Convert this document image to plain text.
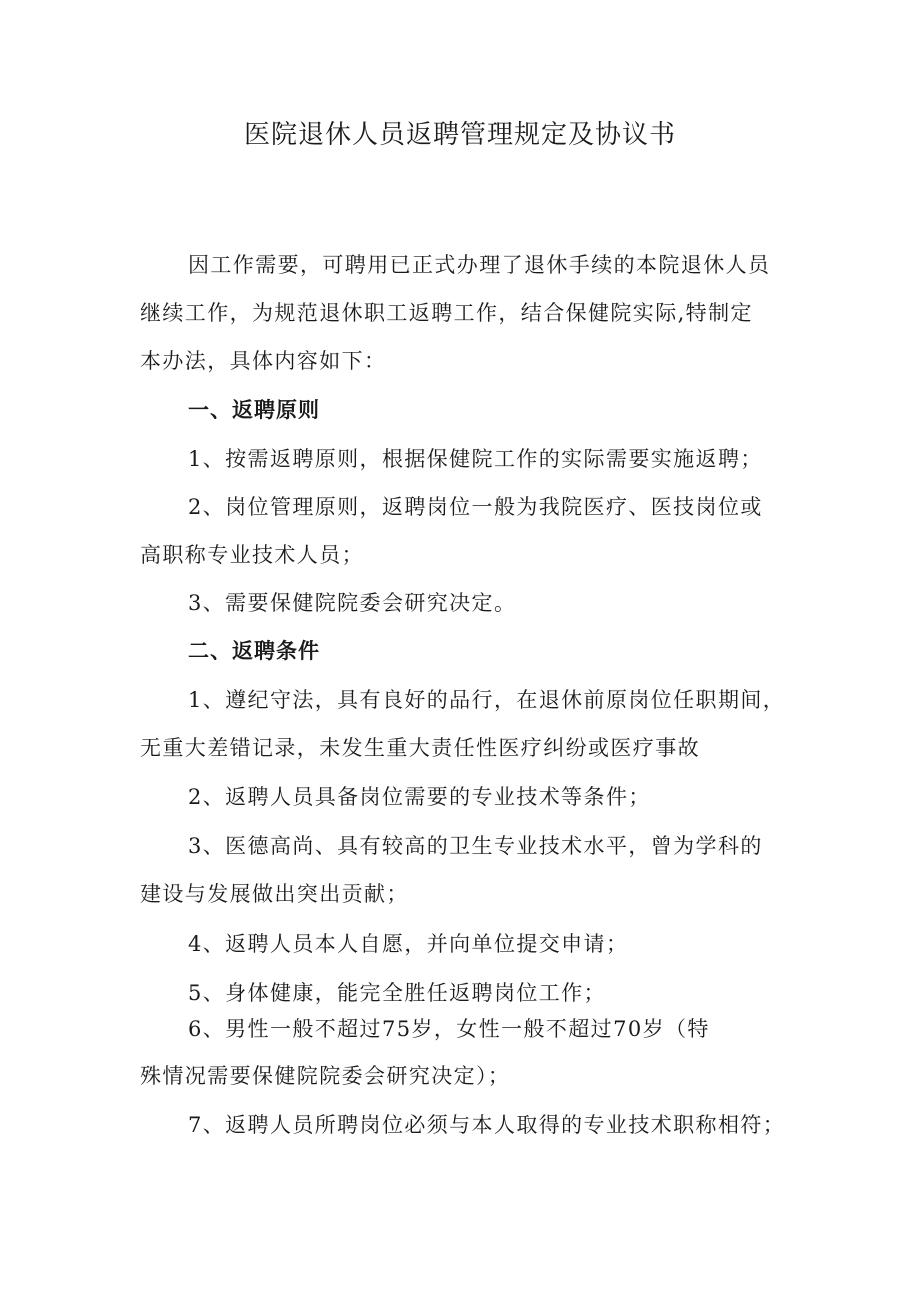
医院退休人员返聘管理规定及协议书
因工作需要，可聘用已正式办理了退休手续的本院退休人员
继续工作，为规范退休职工返聘工作，结合保健院实际,特制定
本办法，具体内容如下：
一、返聘原则
1、按需返聘原则，根据保健院工作的实际需要实施返聘；
2、岗位管理原则，返聘岗位一般为我院医疗、医技岗位或
高职称专业技术人员；
3、需要保健院院委会研究决定。
二、返聘条件
1、遵纪守法，具有良好的品行，在退休前原岗位任职期间，
无重大差错记录，未发生重大责任性医疗纠纷或医疗事故
2、返聘人员具备岗位需要的专业技术等条件；
3、医德高尚、具有较高的卫生专业技术水平，曾为学科的
建设与发展做出突出贡献；
4、返聘人员本人自愿，并向单位提交申请；
5、身体健康，能完全胜任返聘岗位工作；
6、男性一般不超过75岁，女性一般不超过70岁（特
殊情况需要保健院院委会研究决定）；
7、返聘人员所聘岗位必须与本人取得的专业技术职称相符；
